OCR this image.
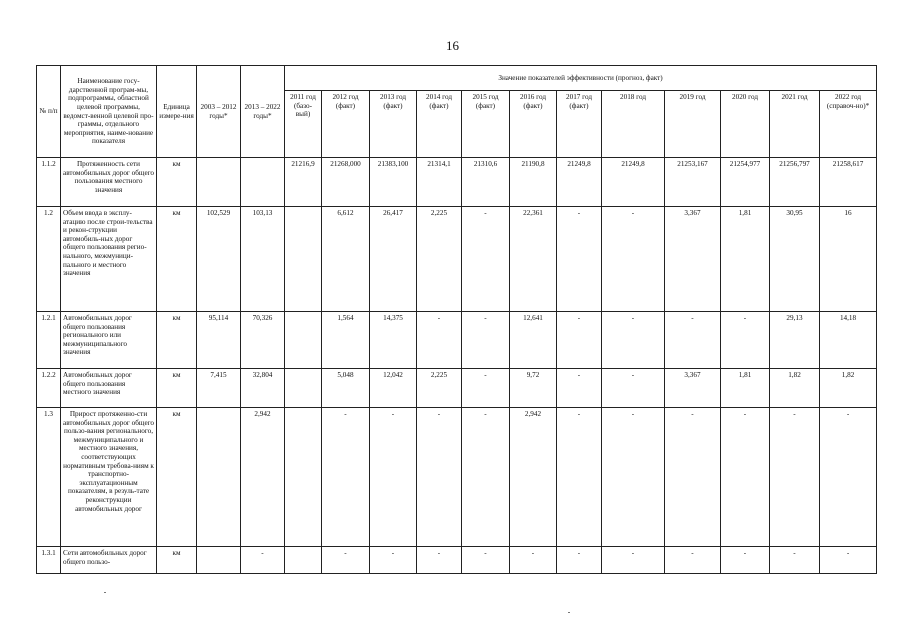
16
№ п/п	Наименование госу-дарственной програм-мы, подпрограммы, областной целевой программы, ведомст-венной целевой про-граммы, отдельного мероприятия, наиме-нование показателя	Единица измере-ния	2003 – 2012 годы*	2013 – 2022 годы*	Значение показателей эффективности (прогноз, факт)											
					2011 год (базо-вый)	2012 год (факт)	2013 год (факт)	2014 год (факт)	2015 год (факт)	2016 год (факт)	2017 год (факт)	2018 год	2019 год	2020 год	2021 год	2022 год (справоч-но)*
1.1.2	Протяженность сети автомобильных дорог общего пользования местного значения	км			21216,9	21268,000	21383,100	21314,1	21310,6	21190,8	21249,8	21249,8	21253,167	21254,977	21256,797	21258,617
1.2	Объем ввода в эксплу-атацию после строи-тельства и рекон-струкции автомобиль-ных дорог общего пользования регио-нального, межмуници-пального и местного значения	км	102,529	103,13		6,612	26,417	2,225	-	22,361	-	-	3,367	1,81	30,95	16
1.2.1	Автомобильных дорог общего пользования регионального или межмуниципального значения	км	95,114	70,326		1,564	14,375	-	-	12,641	-	-	-	-	29,13	14,18
1.2.2	Автомобильных дорог общего пользования местного значения	км	7,415	32,804		5,048	12,042	2,225	-	9,72	-	-	3,367	1,81	1,82	1,82
1.3	Прирост протяженно-сти автомобильных дорог общего пользо-вания регионального, межмуниципального и местного значения, соответствующих нормативным требова-ниям к транспортно-эксплуатационным показателям, в резуль-тате реконструкции автомобильных дорог	км		2,942		-	-	-	-	2,942	-	-	-	-	-	-
1.3.1	Сети автомобильных дорог общего пользо-	км		-		-	-	-	-	-	-	-	-	-	-	-
